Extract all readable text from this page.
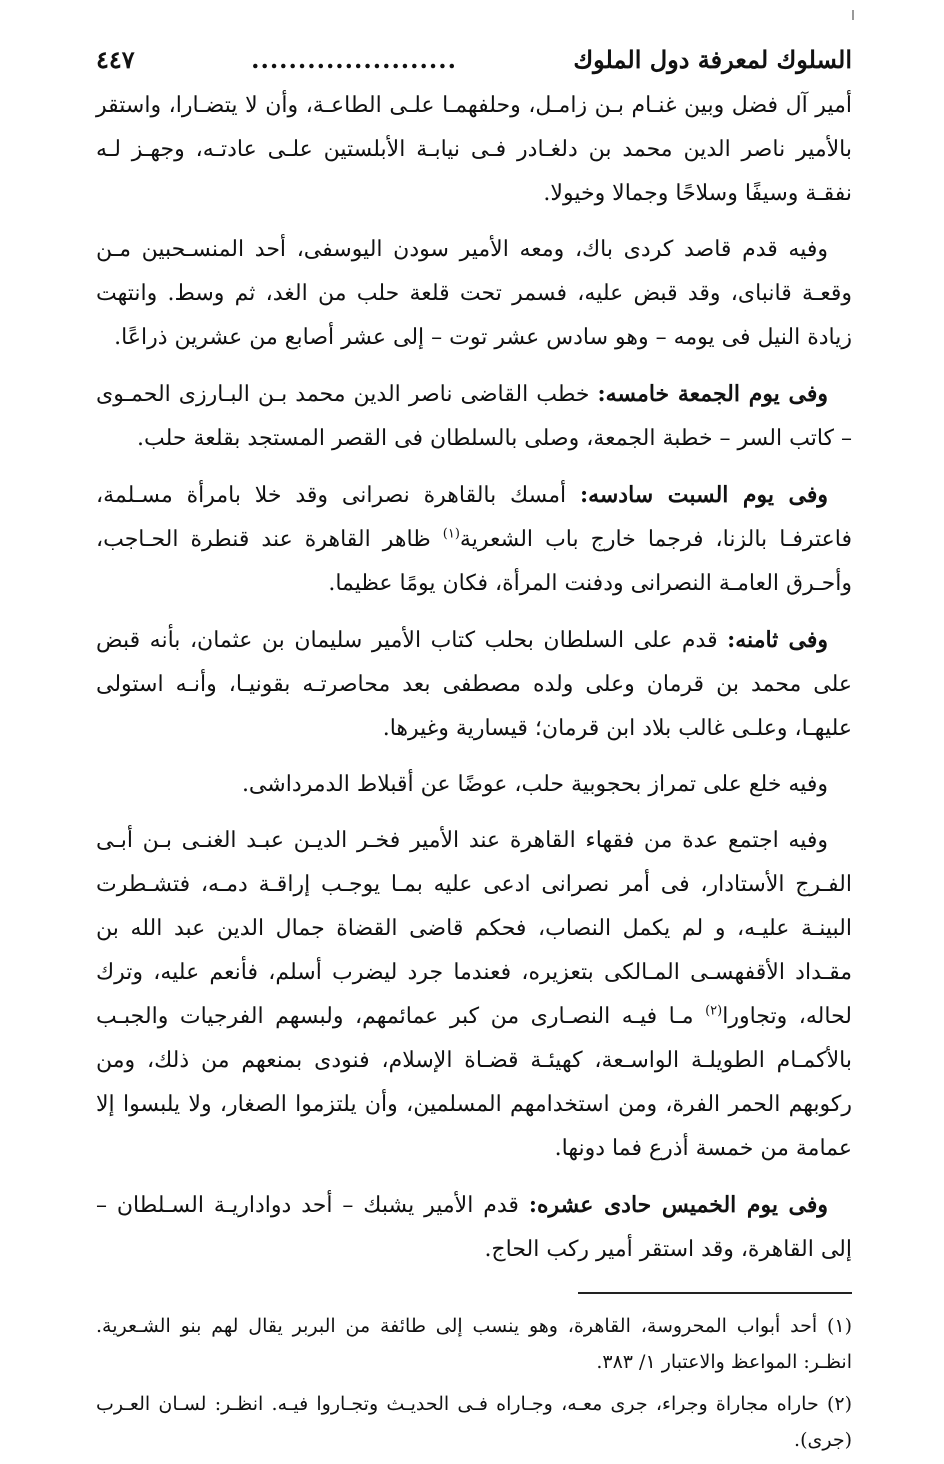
السلوك لمعرفة دول الملوك
......................
٤٤٧

أمير آل فضل وبين غنـام بـن زامـل، وحلفهمـا علـى الطاعـة، وأن لا يتضـارا، واستقر بالأمير ناصر الدين محمد بن دلغـادر فـى نيابـة الأبلستين علـى عادتـه، وجهـز لـه نفقـة وسيفًا وسلاحًا وجمالا وخيولا.

وفيه قدم قاصد كردى باك، ومعه الأمير سودن اليوسفى، أحد المنسـحبين مـن وقعـة قانباى، وقد قبض عليه، فسمر تحت قلعة حلب من الغد، ثم وسط. وانتهت زيادة النيل فى يومه – وهو سادس عشر توت – إلى عشر أصابع من عشرين ذراعًا.

وفى يوم الجمعة خامسه: خطب القاضى ناصر الدين محمد بـن البـارزى الحمـوى – كاتب السر – خطبة الجمعة، وصلى بالسلطان فى القصر المستجد بقلعة حلب.

وفى يوم السبت سادسه: أمسك بالقاهرة نصرانى وقد خلا بامرأة مسـلمة، فاعترفـا بالزنا، فرجما خارج باب الشعرية$^{(١)}$ ظاهر القاهرة عند قنطرة الحـاجب، وأحـرق العامـة النصرانى ودفنت المرأة، فكان يومًا عظيما.

وفى ثامنه: قدم على السلطان بحلب كتاب الأمير سليمان بن عثمان، بأنه قبض على محمد بن قرمان وعلى ولده مصطفى بعد محاصرتـه بقونيـا، وأنـه استولى عليهـا، وعلـى غالب بلاد ابن قرمان؛ قيسارية وغيرها.

وفيه خلع على تمراز بحجوبية حلب، عوضًا عن أقبلاط الدمرداشى.

وفيه اجتمع عدة من فقهاء القاهرة عند الأمير فخـر الديـن عبـد الغنـى بـن أبـى الفـرج الأستادار، فى أمر نصرانى ادعى عليه بمـا يوجـب إراقـة دمـه، فتشـطرت البينـة عليـه، و لم يكمل النصاب، فحكم قاضى القضاة جمال الدين عبد الله بن مقـداد الأقفهسـى المـالكى بتعزيره، فعندما جرد ليضرب أسلم، فأنعم عليه، وترك لحاله، وتجاورا$^{(٢)}$ مـا فيـه النصـارى من كبر عمائمهم، ولبسهم الفرجيات والجبـب بالأكمـام الطويلـة الواسـعة، كهيئـة قضـاة الإسلام، فنودى بمنعهم من ذلك، ومن ركوبهم الحمر الفرة، ومن استخدامهم المسلمين، وأن يلتزموا الصغار، ولا يلبسوا إلا عمامة من خمسة أذرع فما دونها.

وفى يوم الخميس حادى عشره: قدم الأمير يشبك – أحد دواداريـة السـلطان – إلى القاهرة، وقد استقر أمير ركب الحاج.

(١) أحد أبواب المحروسة، القاهرة، وهو ينسب إلى طائفة من البربر يقال لهم بنو الشـعرية. انظـر: المواعظ والاعتبار ١/ ٣٨٣.

(٢) حاراه مجاراة وجراء، جرى معـه، وجـاراه فـى الحديـث وتجـاروا فيـه. انظـر: لسـان العـرب (جرى).
